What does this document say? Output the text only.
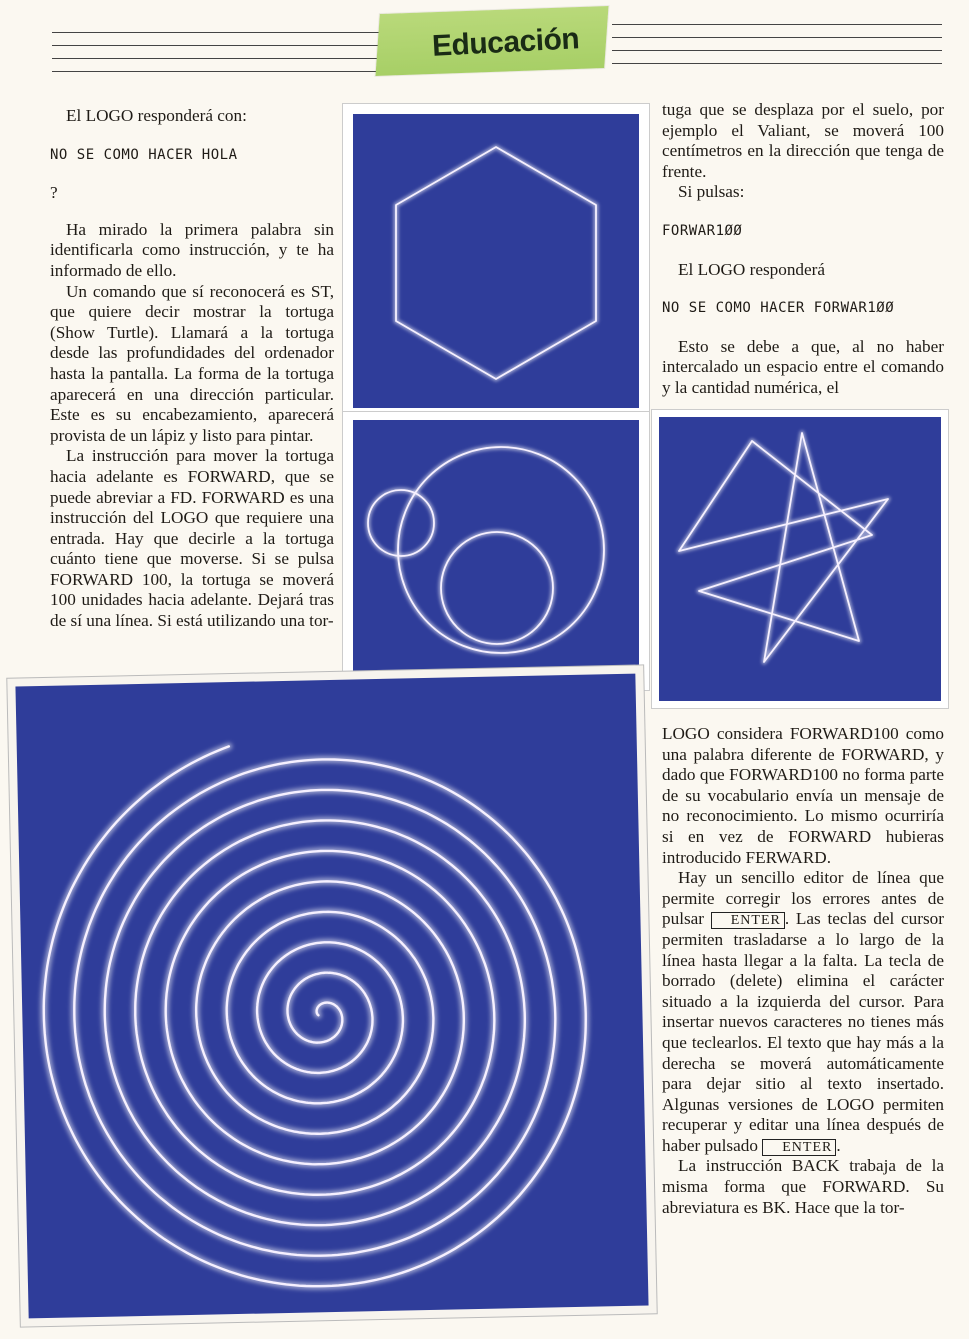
Educación

El LOGO responderá con:

NO SE COMO HACER HOLA

?

Ha mirado la primera palabra sin identificarla como instrucción, y te ha informado de ello.

Un comando que sí reconocerá es ST, que quiere decir mostrar la tortuga (Show Turtle). Llamará a la tortuga desde las profundidades del ordenador hasta la pantalla. La forma de la tortuga aparecerá en una dirección particular. Este es su encabezamiento, aparecerá provista de un lápiz y listo para pintar.

La instrucción para mover la tortuga hacia adelante es FORWARD, que se puede abreviar a FD. FORWARD es una instrucción del LOGO que requiere una entrada. Hay que decirle a la tortuga cuánto tiene que moverse. Si se pulsa FORWARD 100, la tortuga se moverá 100 unidades hacia adelante. Dejará tras de sí una línea. Si está utilizando una tor-

tuga que se desplaza por el suelo, por ejemplo el Valiant, se moverá 100 centímetros en la dirección que tenga de frente.

Si pulsas:

FORWAR1ØØ

El LOGO responderá

NO SE COMO HACER FORWAR1ØØ

Esto se debe a que, al no haber intercalado un espacio entre el comando y la cantidad numérica, el

LOGO considera FORWARD100 como una palabra diferente de FORWARD, y dado que FORWARD100 no forma parte de su vocabulario envía un mensaje de no reconocimiento. Lo mismo ocurriría si en vez de FORWARD hubieras introducido FERWARD.

Hay un sencillo editor de línea que permite corregir los errores antes de pulsar ENTER . Las teclas del cursor permiten trasladarse a lo largo de la línea hasta llegar a la falta. La tecla de borrado (delete) elimina el carácter situado a la izquierda del cursor. Para insertar nuevos caracteres no tienes más que teclearlos. El texto que hay más a la derecha se moverá automáticamente para dejar sitio al texto insertado. Algunas versiones de LOGO permiten recuperar y editar una línea después de haber pulsado ENTER .

La instrucción BACK trabaja de la misma forma que FORWARD. Su abreviatura es BK. Hace que la tor-
